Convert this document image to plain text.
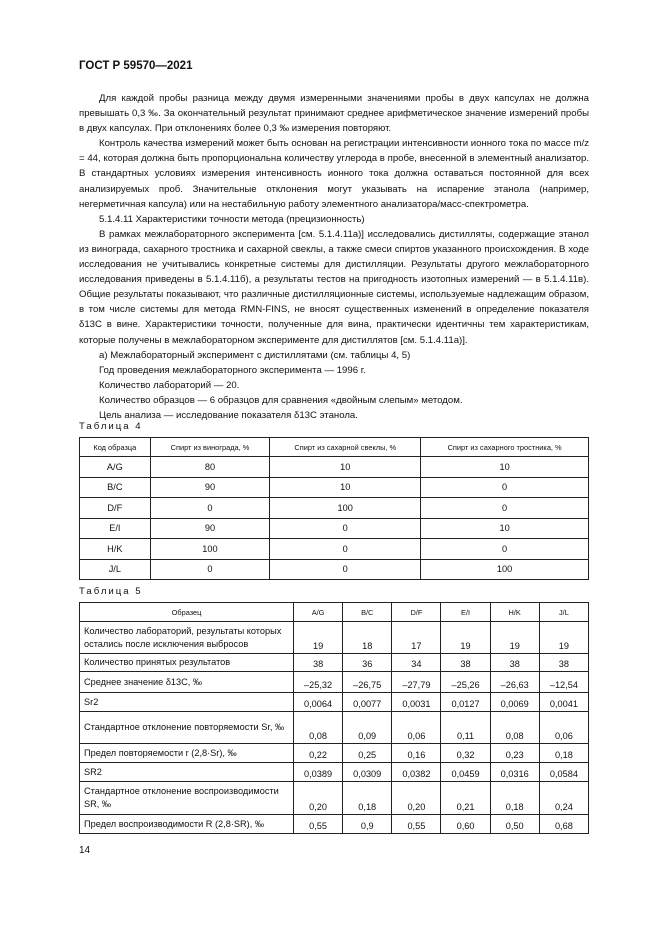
ГОСТ Р 59570—2021

Для каждой пробы разница между двумя измеренными значениями пробы в двух капсулах не должна превышать 0,3 ‰. За окончательный результат принимают среднее арифметическое значение измерений пробы в двух капсулах. При отклонениях более 0,3 ‰ измерения повторяют.

Контроль качества измерений может быть основан на регистрации интенсивности ионного тока по массе m/z = 44, которая должна быть пропорциональна количеству углерода в пробе, внесенной в элементный анализатор. В стандартных условиях измерения интенсивность ионного тока должна оставаться постоянной для всех анализируемых проб. Значительные отклонения могут указывать на испарение этанола (например, негерметичная капсула) или на нестабильную работу элементного анализатора/масс-спектрометра.

5.1.4.11 Характеристики точности метода (прецизионность)

В рамках межлабораторного эксперимента [см. 5.1.4.11а)] исследовались дистилляты, содержащие этанол из винограда, сахарного тростника и сахарной свеклы, а также смеси спиртов указанного происхождения. В ходе исследования не учитывались конкретные системы для дистилляции. Результаты другого межлабораторного исследования приведены в 5.1.4.11б), а результаты тестов на пригодность изотопных измерений — в 5.1.4.11в). Общие результаты показывают, что различные дистилляционные системы, используемые надлежащим образом, в том числе системы для метода RMN-FINS, не вносят существенных изменений в определение показателя δ13C в вине. Характеристики точности, полученные для вина, практически идентичны тем характеристикам, которые получены в межлабораторном эксперименте для дистиллятов [см. 5.1.4.11а)].

а) Межлабораторный эксперимент с дистиллятами (см. таблицы 4, 5)

Год проведения межлабораторного эксперимента — 1996 г.

Количество лабораторий — 20.

Количество образцов — 6 образцов для сравнения «двойным слепым» методом.

Цель анализа — исследование показателя δ13C этанола.

Таблица 4
Код образца	Спирт из винограда, %	Спирт из сахарной свеклы, %	Спирт из сахарного тростника, %
A/G	80	10	10
B/C	90	10	0
D/F	0	100	0
E/I	90	0	10
H/K	100	0	0
J/L	0	0	100
Таблица 5
Образец	A/G	B/C	D/F	E/I	H/K	J/L
Количество лабораторий, результаты которых остались после исключения выбросов	19	18	17	19	19	19
Количество принятых результатов	38	36	34	38	38	38
Среднее значение δ13C, ‰	–25,32	–26,75	–27,79	–25,26	–26,63	–12,54
Sr2	0,0064	0,0077	0,0031	0,0127	0,0069	0,0041
Стандартное отклонение повторяемости Sr, ‰	0,08	0,09	0,06	0,11	0,08	0,06
Предел повторяемости r (2,8·Sr), ‰	0,22	0,25	0,16	0,32	0,23	0,18
SR2	0,0389	0,0309	0,0382	0,0459	0,0316	0,0584
Стандартное отклонение воспроизводимости SR, ‰	0,20	0,18	0,20	0,21	0,18	0,24
Предел воспроизводимости R (2,8·SR), ‰	0,55	0,9	0,55	0,60	0,50	0,68
14
